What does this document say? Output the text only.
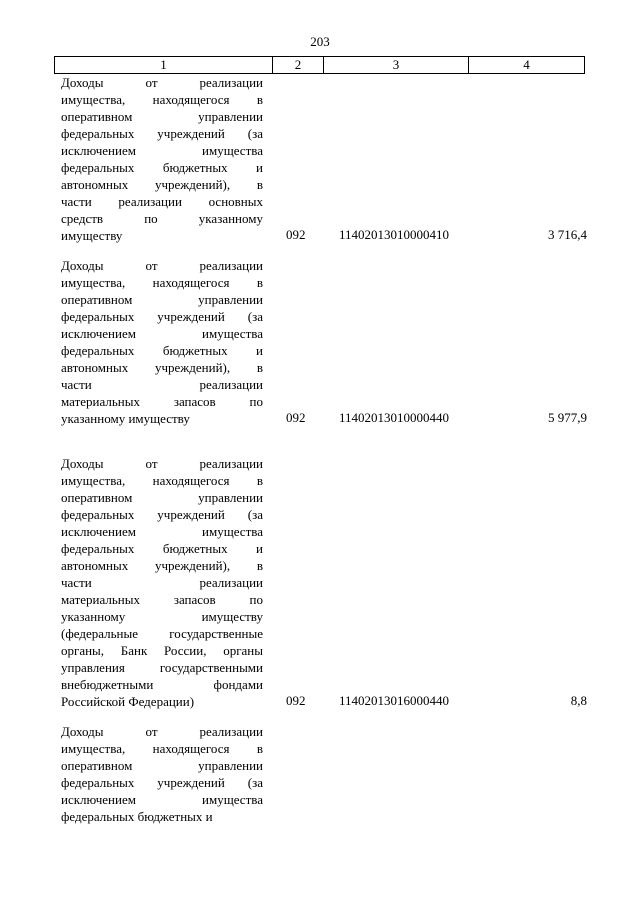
203
1	2	3	4
Доходы от реализации
имущества, находящегося в
оперативном управлении
федеральных учреждений (за
исключением имущества
федеральных бюджетных и
автономных учреждений), в
части реализации основных
средств по указанному
имуществу	092	11402013010000410	3 716,4
Доходы от реализации
имущества, находящегося в
оперативном управлении
федеральных учреждений (за
исключением имущества
федеральных бюджетных и
автономных учреждений), в
части реализации
материальных запасов по
указанному имуществу	092	11402013010000440	5 977,9
Доходы от реализации
имущества, находящегося в
оперативном управлении
федеральных учреждений (за
исключением имущества
федеральных бюджетных и
автономных учреждений), в
части реализации
материальных запасов по
указанному имуществу
(федеральные государственные
органы, Банк России, органы
управления государственными
внебюджетными фондами
Российской Федерации)	092	11402013016000440	8,8
Доходы от реализации
имущества, находящегося в
оперативном управлении
федеральных учреждений (за
исключением имущества
федеральных бюджетных и
